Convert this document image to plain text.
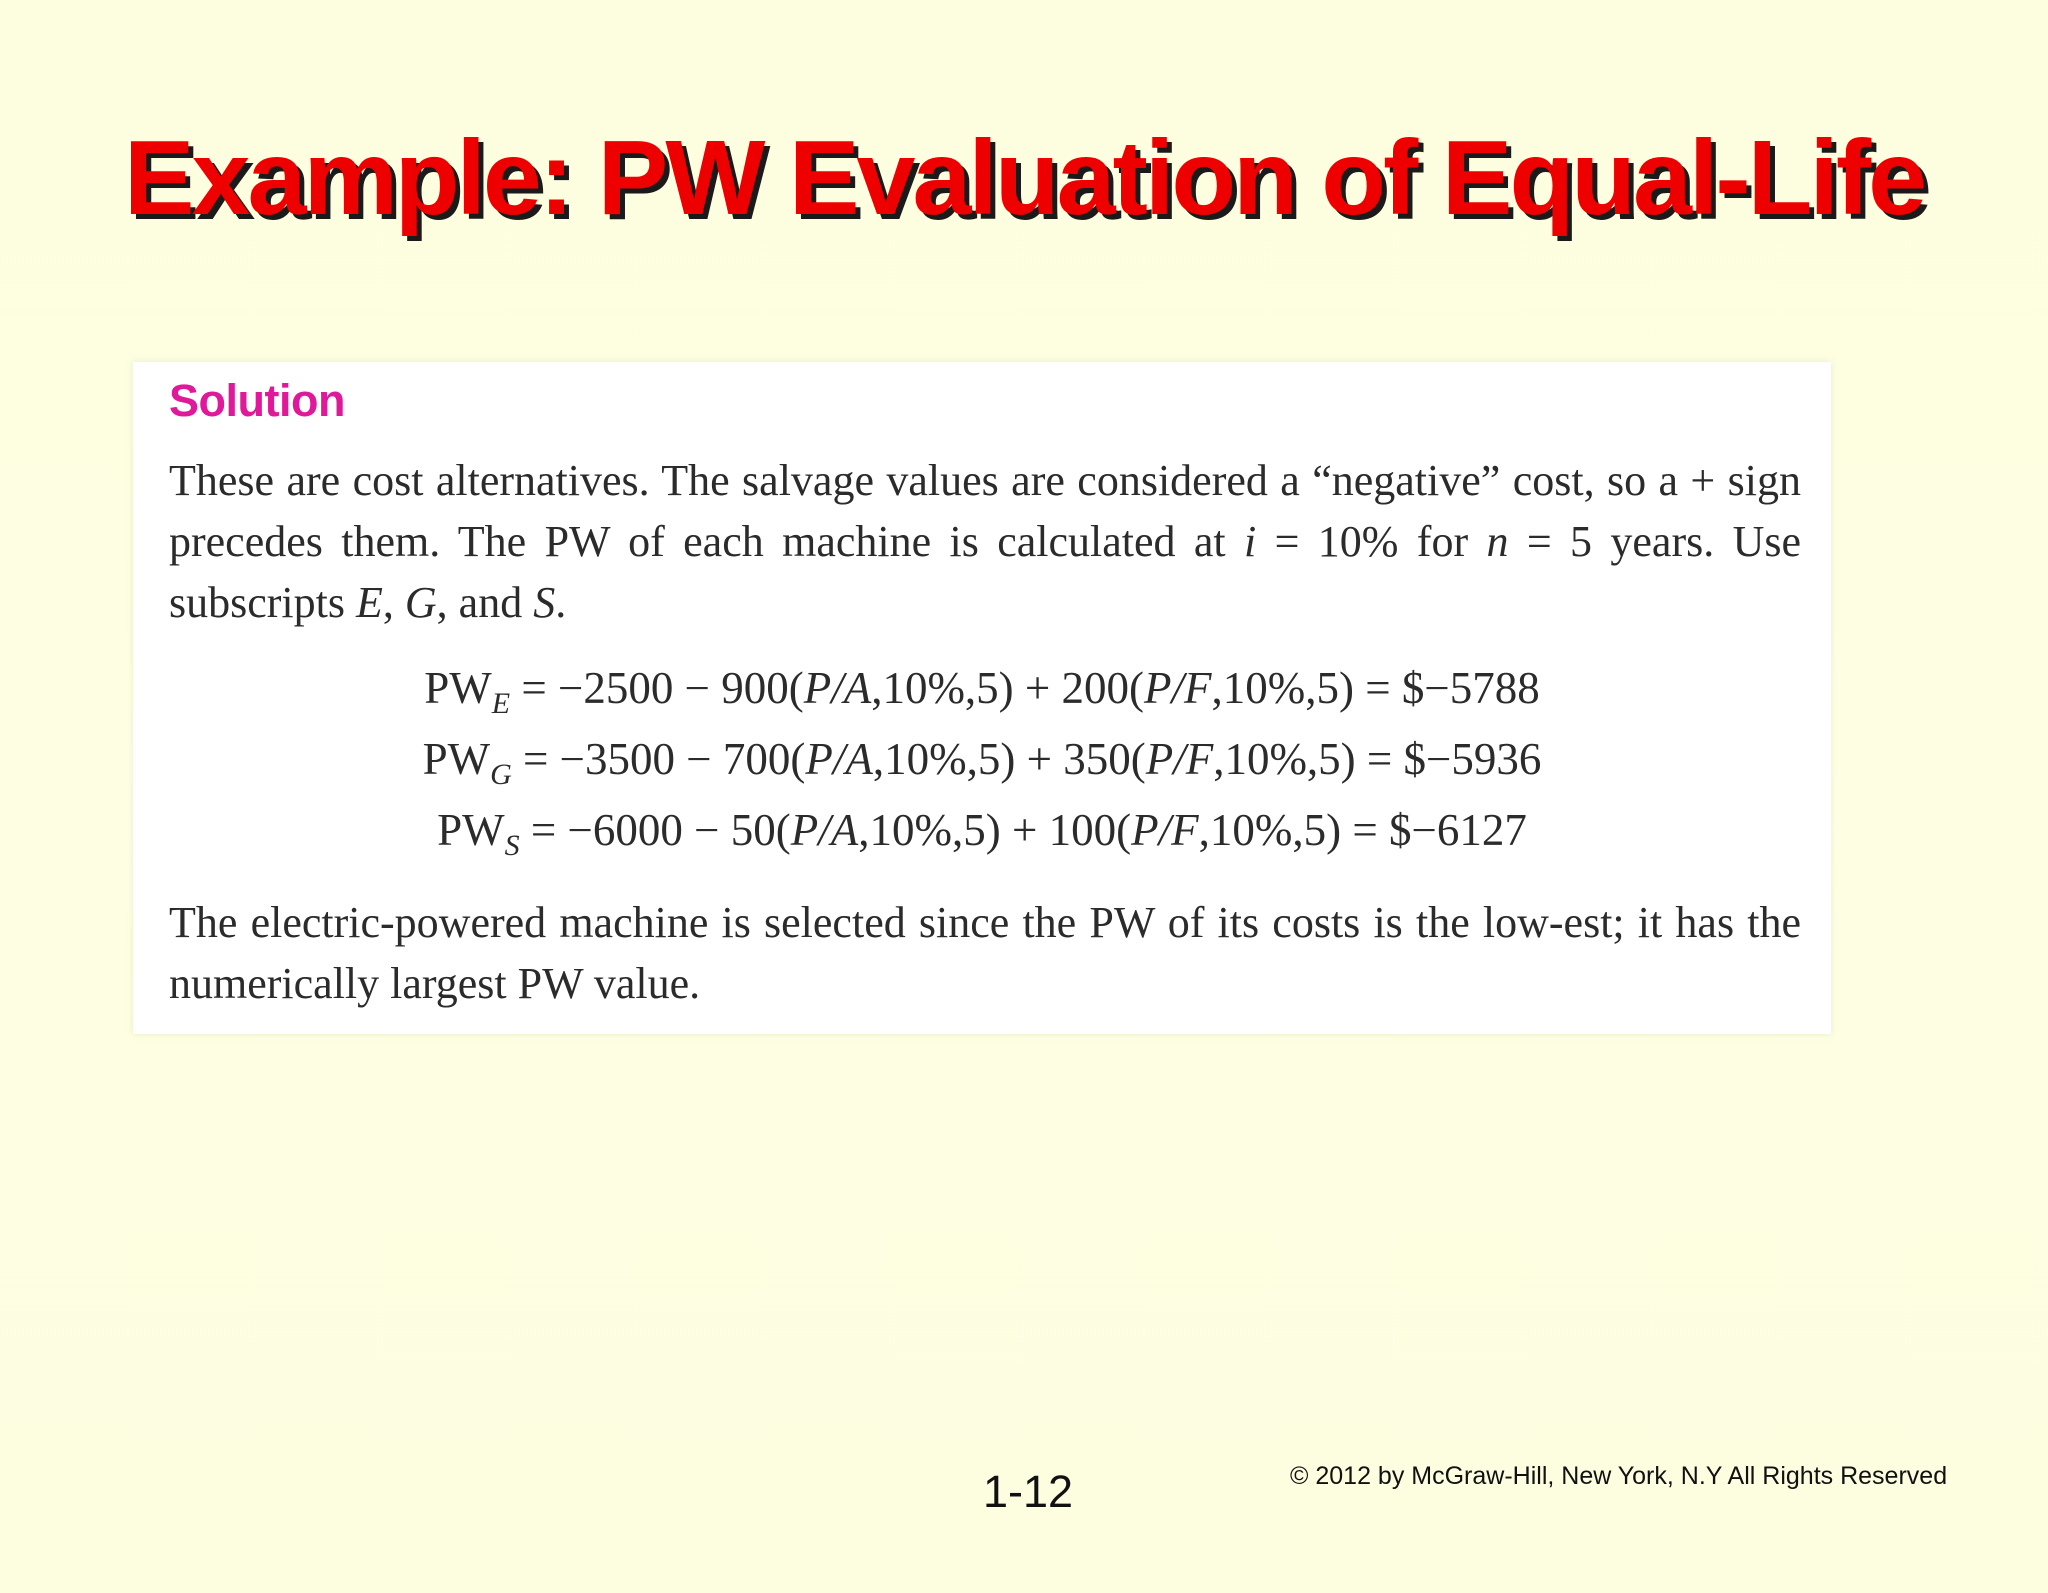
Example: PW Evaluation of Equal-Life
Solution
These are cost alternatives. The salvage values are considered a “negative” cost, so a + sign precedes them. The PW of each machine is calculated at i = 10% for n = 5 years. Use subscripts E, G, and S.
$PW_E = -2500 - 900(P/A,10\%,5) + 200(P/F,10\%,5)$ = $−5788
$PW_G = -3500 - 700(P/A,10\%,5) + 350(P/F,10\%,5)$ = $−5936
$PW_S = -6000 - 50(P/A,10\%,5) + 100(P/F,10\%,5)$ = $−6127
The electric-powered machine is selected since the PW of its costs is the low-est; it has the numerically largest PW value.
1-12	© 2012 by McGraw-Hill, New York, N.Y All Rights Reserved
